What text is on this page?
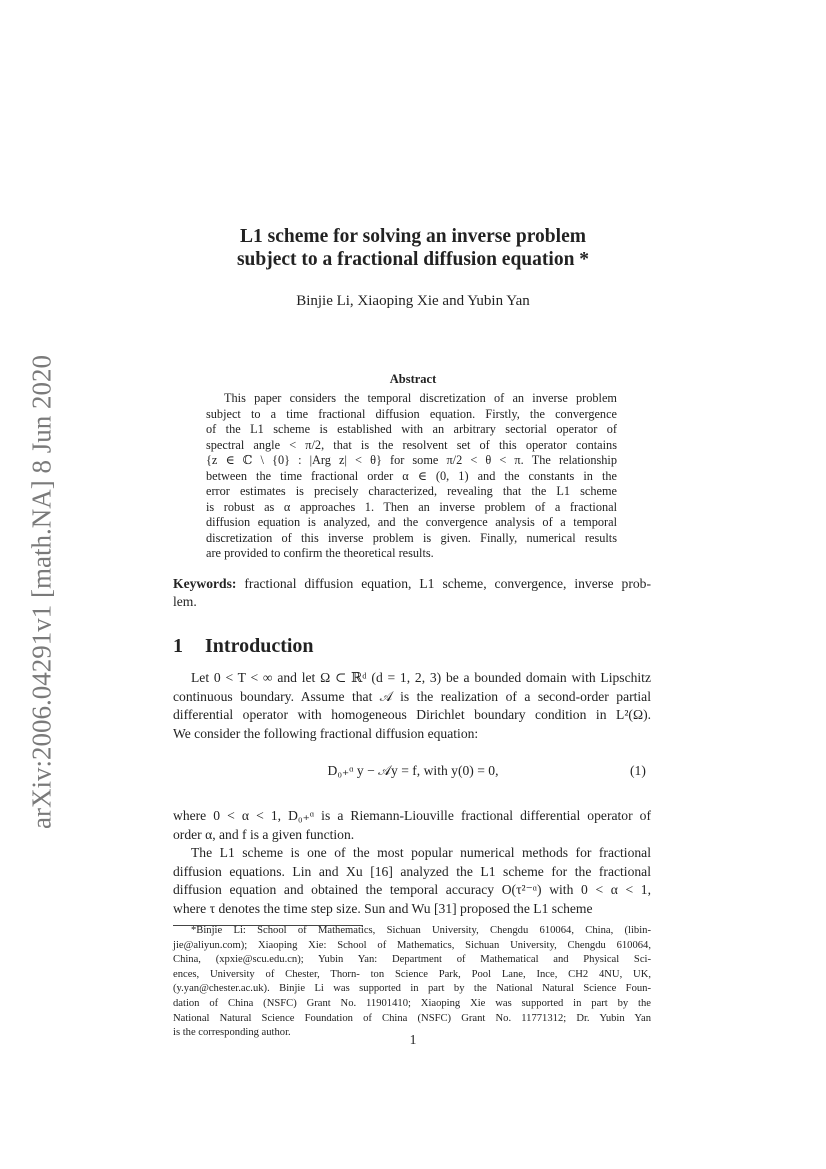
arXiv:2006.04291v1 [math.NA] 8 Jun 2020
L1 scheme for solving an inverse problem
subject to a fractional diffusion equation *
Binjie Li, Xiaoping Xie and Yubin Yan
Abstract
This paper considers the temporal discretization of an inverse problem
subject to a time fractional diffusion equation. Firstly, the convergence
of the L1 scheme is established with an arbitrary sectorial operator of
spectral angle < π/2, that is the resolvent set of this operator contains
{z ∈ ℂ \ {0} : |Arg z| < θ} for some π/2 < θ < π. The relationship
between the time fractional order α ∈ (0, 1) and the constants in the
error estimates is precisely characterized, revealing that the L1 scheme
is robust as α approaches 1. Then an inverse problem of a fractional
diffusion equation is analyzed, and the convergence analysis of a temporal
discretization of this inverse problem is given. Finally, numerical results
are provided to confirm the theoretical results.
Keywords: fractional diffusion equation, L1 scheme, convergence, inverse prob-
lem.
1 Introduction
Let 0 < T < ∞ and let Ω ⊂ ℝᵈ (d = 1, 2, 3) be a bounded domain with Lipschitz
continuous boundary. Assume that 𝒜 is the realization of a second-order partial
differential operator with homogeneous Dirichlet boundary condition in L²(Ω).
We consider the following fractional diffusion equation:
where 0 < α < 1, D₀₊ᵅ is a Riemann-Liouville fractional differential operator of
order α, and f is a given function.
The L1 scheme is one of the most popular numerical methods for fractional
diffusion equations. Lin and Xu [16] analyzed the L1 scheme for the fractional
diffusion equation and obtained the temporal accuracy O(τ²⁻ᵅ) with 0 < α < 1,
where τ denotes the time step size. Sun and Wu [31] proposed the L1 scheme
D₀₊ᵅ y − 𝒜y = f, with y(0) = 0,	(1)
*Binjie Li: School of Mathematics, Sichuan University, Chengdu 610064, China, (libin-
jie@aliyun.com); Xiaoping Xie: School of Mathematics, Sichuan University, Chengdu 610064,
China, (xpxie@scu.edu.cn); Yubin Yan: Department of Mathematical and Physical Sci-
ences, University of Chester, Thorn- ton Science Park, Pool Lane, Ince, CH2 4NU, UK,
(y.yan@chester.ac.uk). Binjie Li was supported in part by the National Natural Science Foun-
dation of China (NSFC) Grant No. 11901410; Xiaoping Xie was supported in part by the
National Natural Science Foundation of China (NSFC) Grant No. 11771312; Dr. Yubin Yan
is the corresponding author.	1
